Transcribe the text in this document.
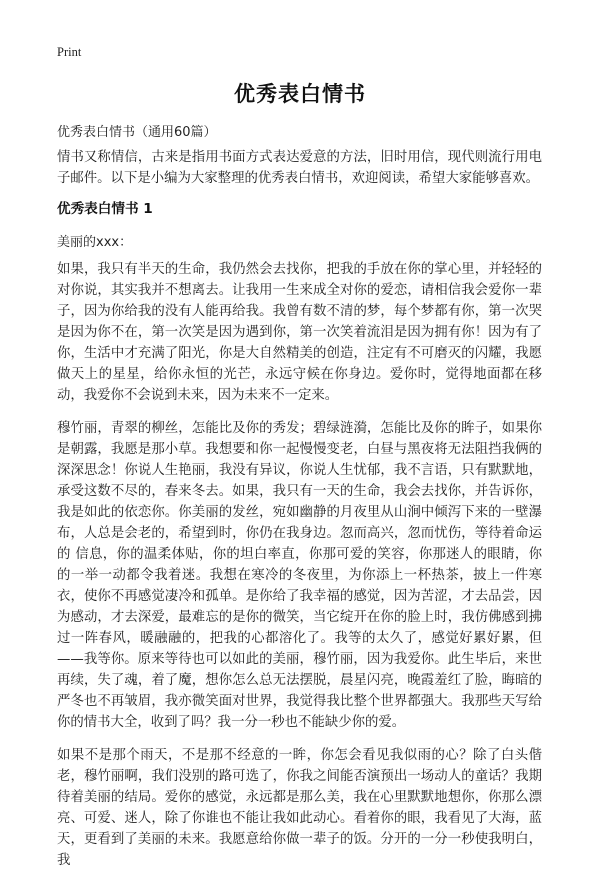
Print
优秀表白情书
优秀表白情书（通用60篇）

情书又称情信，古来是指用书面方式表达爱意的方法，旧时用信，现代则流行用电子邮件。以下是小编为大家整理的优秀表白情书，欢迎阅读，希望大家能够喜欢。

优秀表白情书 1
美丽的xxx：

如果，我只有半天的生命，我仍然会去找你，把我的手放在你的掌心里，并轻轻的对你说，其实我并不想离去。让我用一生来成全对你的爱恋，请相信我会爱你一辈子，因为你给我的没有人能再给我。我曾有数不清的梦，每个梦都有你，第一次哭是因为你不在，第一次笑是因为遇到你，第一次笑着流泪是因为拥有你！因为有了你，生活中才充满了阳光，你是大自然精美的创造，注定有不可磨灭的闪耀，我愿做天上的星星，给你永恒的光芒，永远守候在你身边。爱你时，觉得地面都在移动，我爱你不会说到未来，因为未来不一定来。

穆竹丽，青翠的柳丝，怎能比及你的秀发；碧绿涟漪，怎能比及你的眸子，如果你是朝露，我愿是那小草。我想要和你一起慢慢变老，白昼与黑夜将无法阻挡我俩的深深思念！你说人生艳丽，我没有异议，你说人生忧郁，我不言语，只有默默地，承受这数不尽的，春来冬去。如果，我只有一天的生命，我会去找你，并告诉你，我是如此的依恋你。你美丽的发丝，宛如幽静的月夜里从山涧中倾泻下来的一壁瀑布，人总是会老的，希望到时，你仍在我身边。忽而高兴，忽而忧伤，等待着命运的 信息，你的温柔体贴，你的坦白率直，你那可爱的笑容，你那迷人的眼睛，你的一举一动都令我着迷。我想在寒冷的冬夜里，为你添上一杯热茶，披上一件寒衣，使你不再感觉凄冷和孤单。是你给了我幸福的感觉，因为苦涩，才去品尝，因为感动，才去深爱，最难忘的是你的微笑，当它绽开在你的脸上时，我仿佛感到拂过一阵春风，暖融融的，把我的心都溶化了。我等的太久了，感觉好累好累，但——我等你。原来等待也可以如此的美丽，穆竹丽，因为我爱你。此生毕后，来世再续，失了魂，着了魔，想你怎么总无法摆脱，晨星闪亮，晚霞羞红了脸，晦暗的严冬也不再皱眉，我亦微笑面对世界，我觉得我比整个世界都强大。我那些天写给你的情书大全，收到了吗？我一分一秒也不能缺少你的爱。

如果不是那个雨天，不是那不经意的一眸，你怎会看见我似雨的心？除了白头偕老，穆竹丽啊，我们没别的路可选了，你我之间能否演预出一场动人的童话？我期待着美丽的结局。爱你的感觉，永远都是那么美，我在心里默默地想你，你那么漂亮、可爱、迷人，除了你谁也不能让我如此动心。看着你的眼，我看见了大海，蓝天，更看到了美丽的未来。我愿意给你做一辈子的饭。分开的一分一秒使我明白，我
